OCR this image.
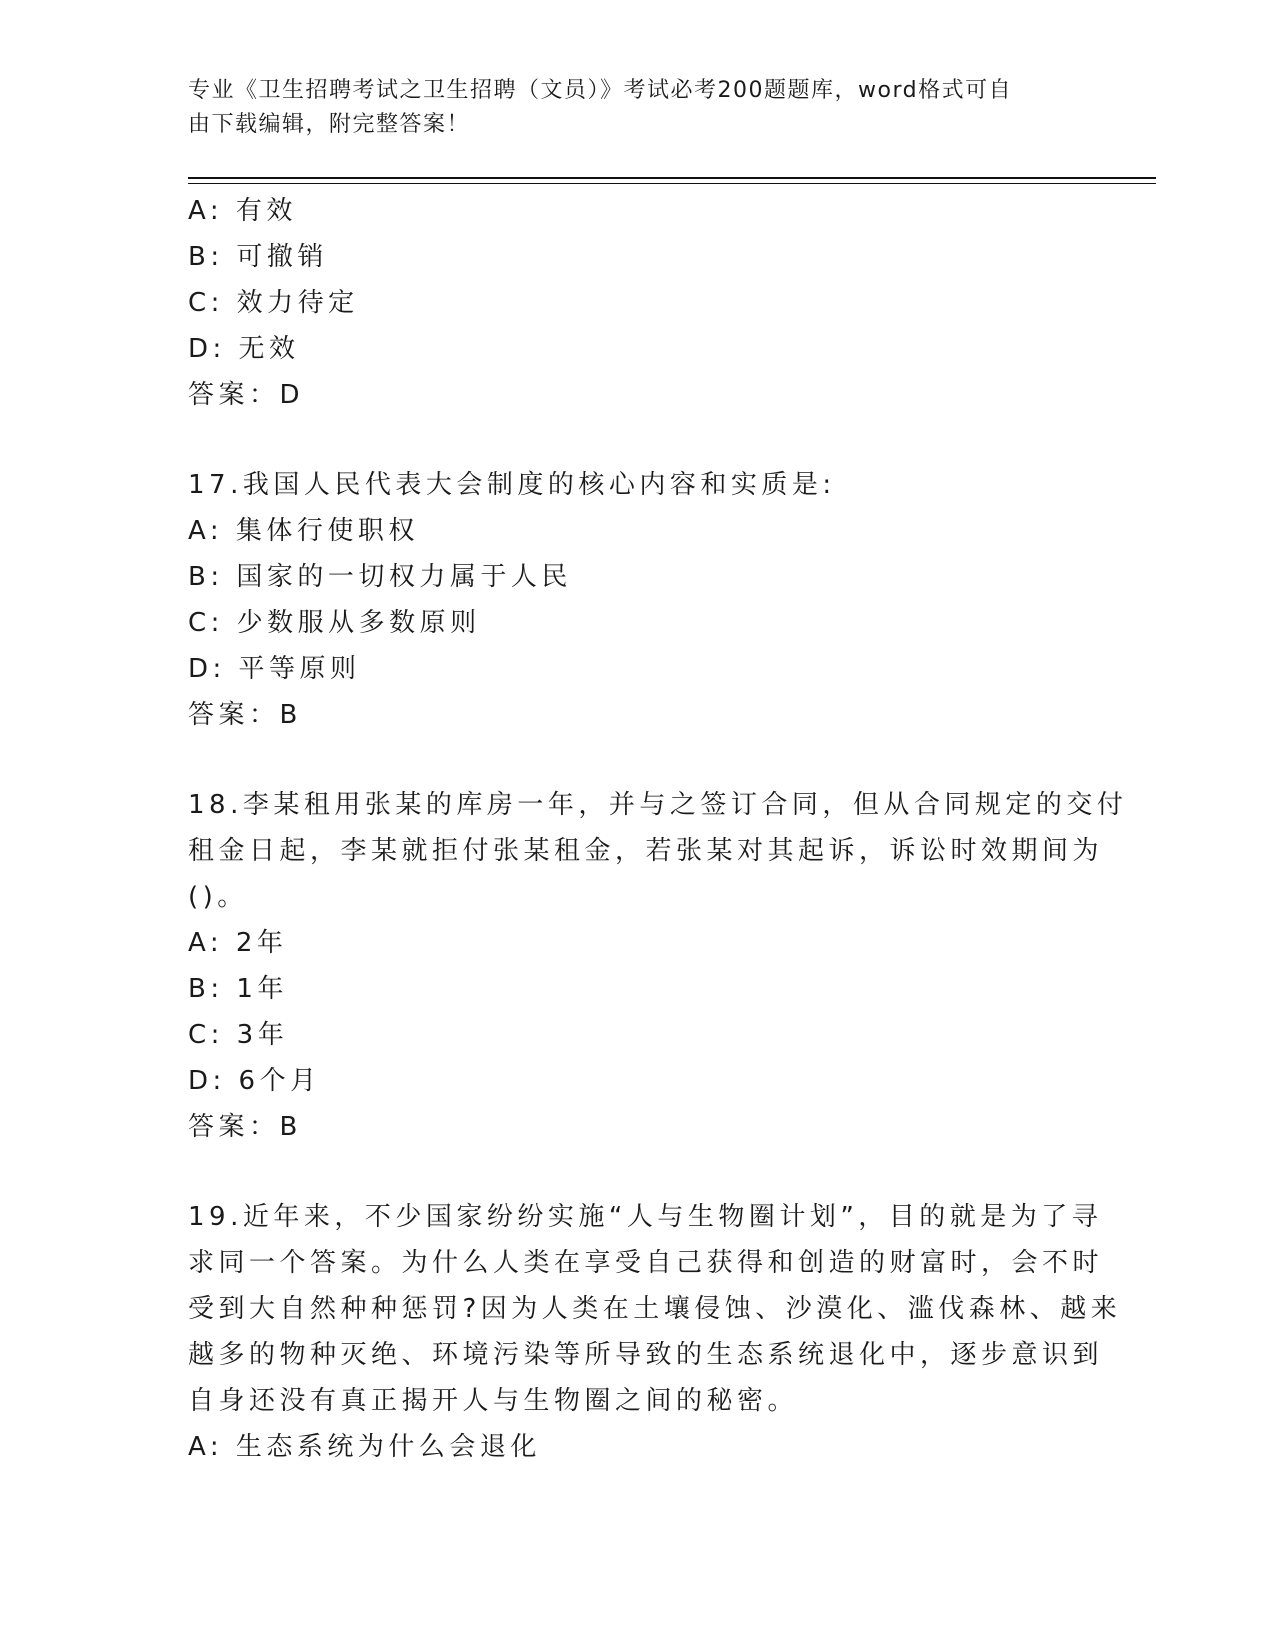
专业《卫生招聘考试之卫生招聘（文员）》考试必考200题题库，word格式可自
由下载编辑，附完整答案！
A: 有效
B: 可撤销
C: 效力待定
D: 无效
答案：D
17.我国人民代表大会制度的核心内容和实质是:
A: 集体行使职权
B: 国家的一切权力属于人民
C: 少数服从多数原则
D: 平等原则
答案：B
18.李某租用张某的库房一年，并与之签订合同，但从合同规定的交付
租金日起，李某就拒付张某租金，若张某对其起诉，诉讼时效期间为
()。
A: 2年
B: 1年
C: 3年
D: 6个月
答案：B
19.近年来，不少国家纷纷实施“人与生物圈计划”，目的就是为了寻
求同一个答案。为什么人类在享受自己获得和创造的财富时，会不时
受到大自然种种惩罚?因为人类在土壤侵蚀、沙漠化、滥伐森林、越来
越多的物种灭绝、环境污染等所导致的生态系统退化中，逐步意识到
自身还没有真正揭开人与生物圈之间的秘密。
A: 生态系统为什么会退化
